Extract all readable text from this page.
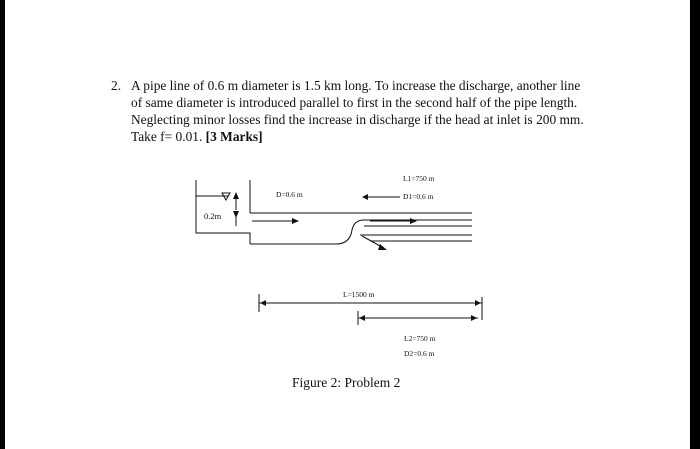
2. A pipe line of 0.6 m diameter is 1.5 km long. To increase the discharge, another line
of same diameter is introduced parallel to first in the second half of the pipe length.
Neglecting minor losses find the increase in discharge if the head at inlet is 200 mm.
Take f= 0.01. [3 Marks]
0.2m
D=0.6 m
L1=750 m
D1=0.6 m
L=1500 m
L2=750 m
D2=0.6 m
Figure 2: Problem 2
